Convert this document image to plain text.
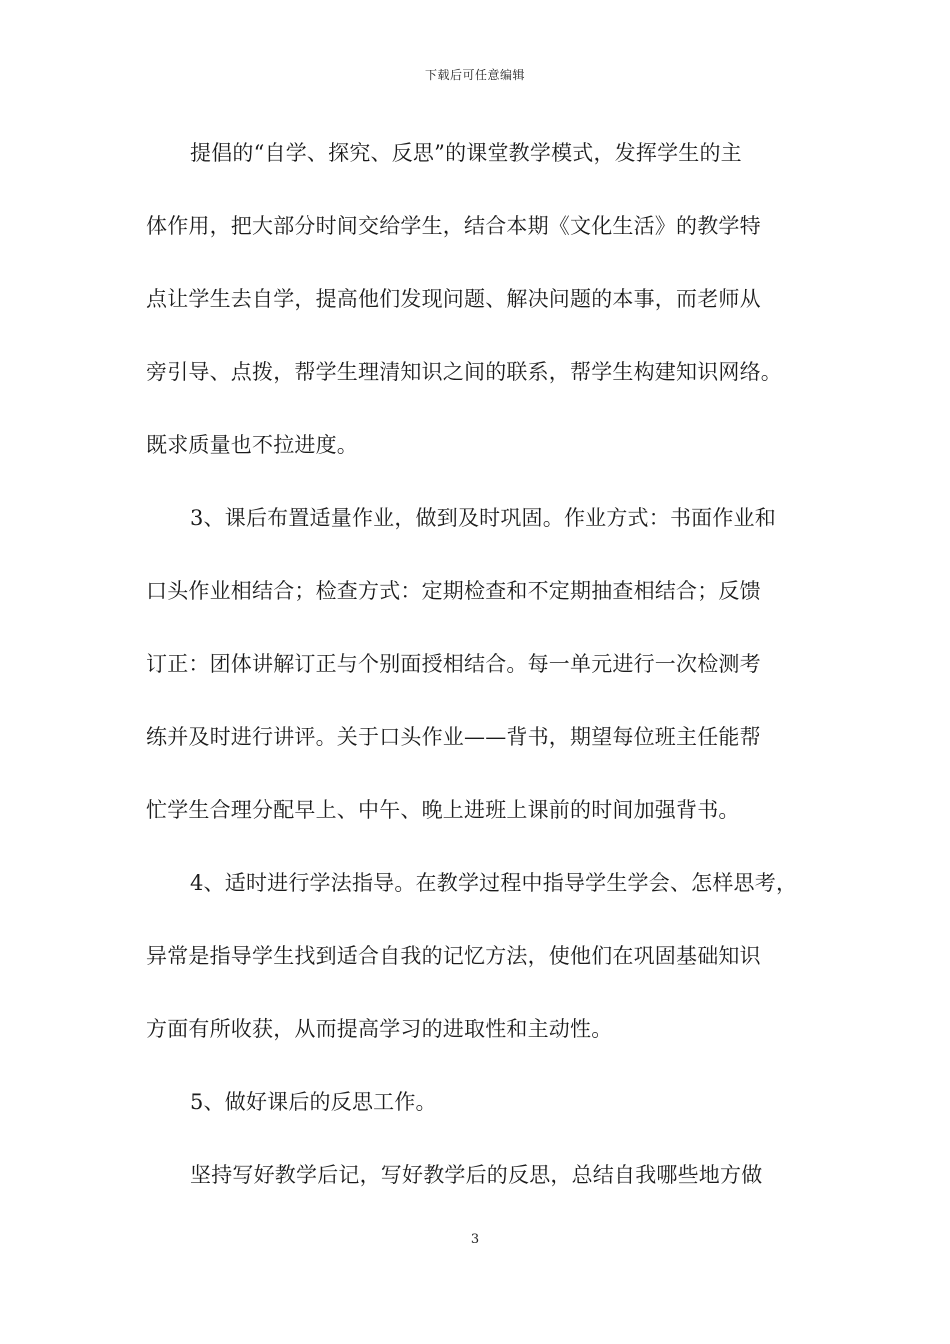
下载后可任意编辑
提倡的“自学、探究、反思”的课堂教学模式，发挥学生的主
体作用，把大部分时间交给学生，结合本期《文化生活》的教学特
点让学生去自学，提高他们发现问题、解决问题的本事，而老师从
旁引导、点拨，帮学生理清知识之间的联系，帮学生构建知识网络。
既求质量也不拉进度。
3、课后布置适量作业，做到及时巩固。作业方式：书面作业和
口头作业相结合；检查方式：定期检查和不定期抽查相结合；反馈
订正：团体讲解订正与个别面授相结合。每一单元进行一次检测考
练并及时进行讲评。关于口头作业——背书，期望每位班主任能帮
忙学生合理分配早上、中午、晚上进班上课前的时间加强背书。
4、适时进行学法指导。在教学过程中指导学生学会、怎样思考，
异常是指导学生找到适合自我的记忆方法，使他们在巩固基础知识
方面有所收获，从而提高学习的进取性和主动性。
5、做好课后的反思工作。
坚持写好教学后记，写好教学后的反思，总结自我哪些地方做
3
